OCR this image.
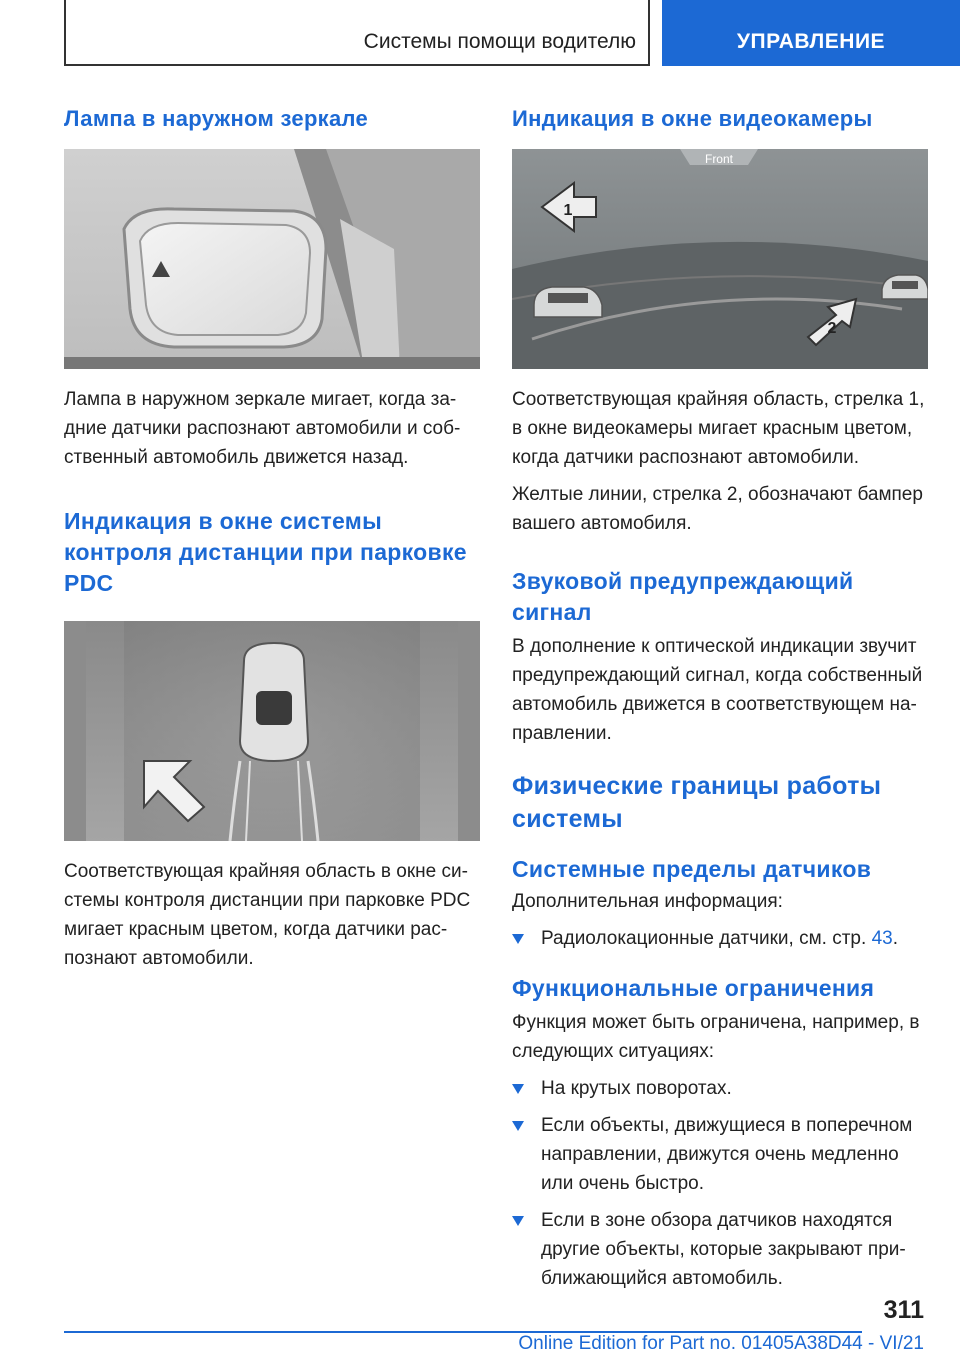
Системы помощи водителю	УПРАВЛЕНИЕ
Лампа в наружном зеркале

Лампа в наружном зеркале мигает, когда за-дние датчики распознают автомобили и соб-ственный автомобиль движется назад.

Индикация в окне системы контроля дистанции при парковке PDC

Соответствующая крайняя область в окне си-стемы контроля дистанции при парковке PDC мигает красным цветом, когда датчики рас-познают автомобили.

Индикация в окне видеокамеры
Front
1
2

Соответствующая крайняя область, стрелка 1, в окне видеокамеры мигает красным цветом, когда датчики распознают автомобили.

Желтые линии, стрелка 2, обозначают бампер вашего автомобиля.

Звуковой предупреждающий сигнал

В дополнение к оптической индикации звучит предупреждающий сигнал, когда собственный автомобиль движется в соответствующем на-правлении.

Физические границы работы системы
Системные пределы датчиков

Дополнительная информация:

Радиолокационные датчики, см. стр. 43.
Функциональные ограничения

Функция может быть ограничена, например, в следующих ситуациях:

На крутых поворотах.
Если объекты, движущиеся в поперечном направлении, движутся очень медленно или очень быстро.
Если в зоне обзора датчиков находятся другие объекты, которые закрывают при-ближающийся автомобиль.
311
Online Edition for Part no. 01405A38D44 - VI/21
